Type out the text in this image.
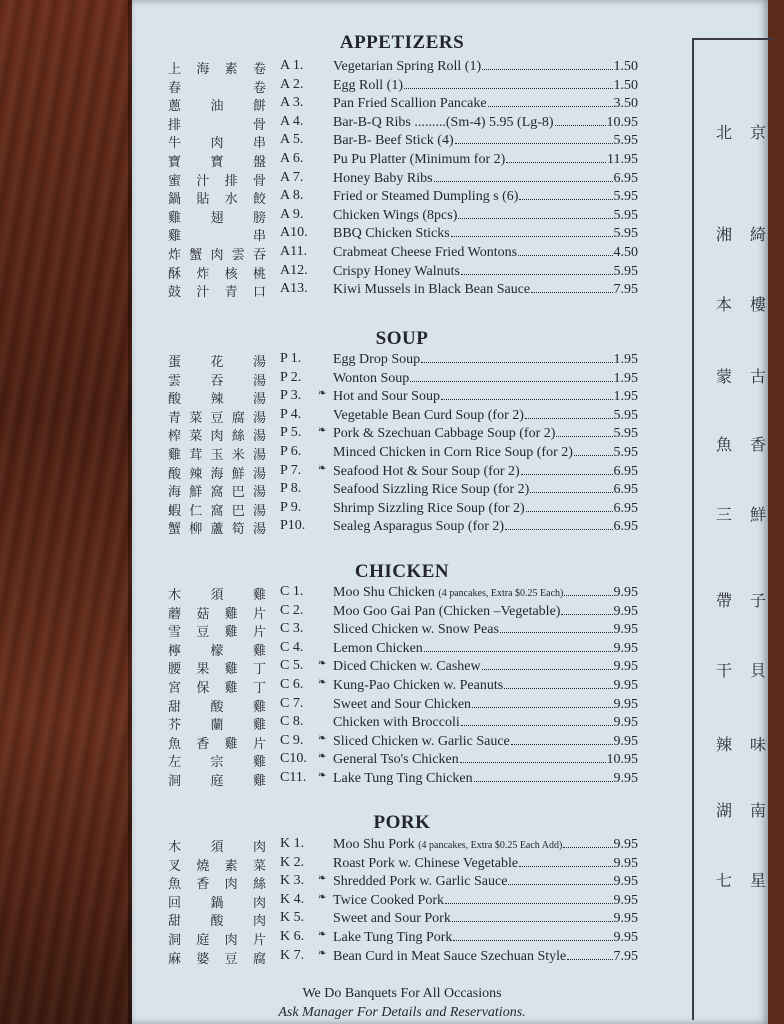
北京
湘綺
本樓
蒙古
魚香
三鮮
帶子
干貝
辣味
湖南
七星
APPETIZERS
上 海 素 卷 A 1.	Vegetarian Spring Roll (1)	1.50
春	卷 A 2.	Egg Roll (1)	1.50
蔥 油 餅 A 3.	Pan Fried Scallion Pancake	3.50
排	骨 A 4.	Bar-B-Q Ribs .........(Sm-4) 5.95 (Lg-8)	10.95
牛 肉 串 A 5.	Bar-B- Beef Stick (4)	5.95
寶 寶 盤 A 6.	Pu Pu Platter (Minimum for 2)	11.95
蜜 汁 排 骨 A 7.	Honey Baby Ribs	6.95
鍋 貼 水 餃 A 8.	Fried or Steamed Dumpling s (6)	5.95
雞 翅 膀 A 9.	Chicken Wings (8pcs)	5.95
雞	串 A10.	BBQ Chicken Sticks	5.95
炸 蟹 肉 雲 吞 A11.	Crabmeat Cheese Fried Wontons	4.50
酥 炸 核 桃 A12.	Crispy Honey Walnuts	5.95
鼓 汁 青 口 A13.	Kiwi Mussels in Black Bean Sauce	7.95
SOUP
蛋 花 湯 P 1.	Egg Drop Soup	1.95
雲 吞 湯 P 2.	Wonton Soup	1.95
酸 辣 湯 P 3.	❧ Hot and Sour Soup	1.95
青 菜 豆 腐 湯 P 4.	Vegetable Bean Curd Soup (for 2)	5.95
榨 菜 肉 絲 湯 P 5.	❧ Pork & Szechuan Cabbage Soup (for 2)	5.95
雞 茸 玉 米 湯 P 6.	Minced Chicken in Corn Rice Soup (for 2)	5.95
酸 辣 海 鮮 湯 P 7.	❧ Seafood Hot & Sour Soup (for 2)	6.95
海 鮮 窩 巴 湯 P 8.	Seafood Sizzling Rice Soup (for 2)	6.95
蝦 仁 窩 巴 湯 P 9.	Shrimp Sizzling Rice Soup (for 2)	6.95
蟹 柳 蘆 筍 湯 P10.	Sealeg Asparagus Soup (for 2)	6.95
CHICKEN
木 須 雞 C 1.	Moo Shu Chicken (4 pancakes, Extra $0.25 Each)	9.95
蘑 菇 雞 片 C 2.	Moo Goo Gai Pan (Chicken –Vegetable)	9.95
雪 豆 雞 片 C 3.	Sliced Chicken w. Snow Peas	9.95
檸 檬 雞 C 4.	Lemon Chicken	9.95
腰 果 雞 丁 C 5.	❧ Diced Chicken w. Cashew	9.95
宮 保 雞 丁 C 6.	❧ Kung-Pao Chicken w. Peanuts	9.95
甜 酸 雞 C 7.	Sweet and Sour Chicken	9.95
芥 蘭 雞 C 8.	Chicken with Broccoli	9.95
魚 香 雞 片 C 9.	❧ Sliced Chicken w. Garlic Sauce	9.95
左 宗 雞 C10.	❧ General Tso's Chicken	10.95
洞 庭 雞 C11.	❧ Lake Tung Ting Chicken	9.95
PORK
木 須 肉 K 1.	Moo Shu Pork (4 pancakes, Extra $0.25 Each Add)	9.95
叉 燒 素 菜 K 2.	Roast Pork w. Chinese Vegetable	9.95
魚 香 肉 絲 K 3.	❧ Shredded Pork w. Garlic Sauce	9.95
回 鍋 肉 K 4.	❧ Twice Cooked Pork	9.95
甜 酸 肉 K 5.	Sweet and Sour Pork	9.95
洞 庭 肉 片 K 6.	❧ Lake Tung Ting Pork	9.95
麻 婆 豆 腐 K 7.	❧ Bean Curd in Meat Sauce Szechuan Style	7.95
We Do Banquets For All Occasions
Ask Manager For Details and Reservations.
